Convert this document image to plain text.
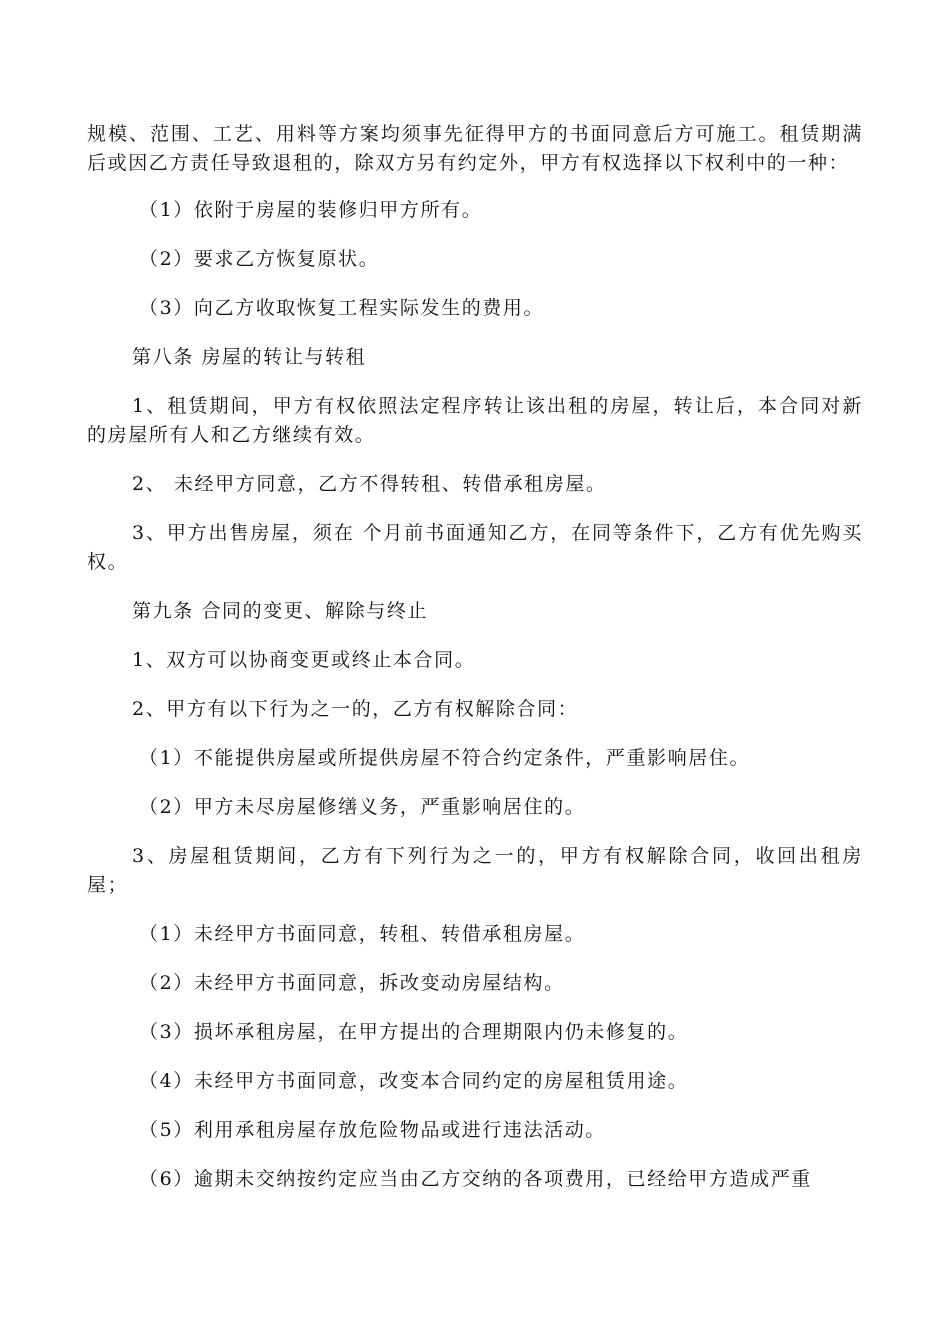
规模、范围、工艺、用料等方案均须事先征得甲方的书面同意后方可施工。租赁期满后或因乙方责任导致退租的，除双方另有约定外，甲方有权选择以下权利中的一种：

（1）依附于房屋的装修归甲方所有。

（2）要求乙方恢复原状。

（3）向乙方收取恢复工程实际发生的费用。

第八条 房屋的转让与转租

1、租赁期间，甲方有权依照法定程序转让该出租的房屋，转让后，本合同对新的房屋所有人和乙方继续有效。

2、 未经甲方同意，乙方不得转租、转借承租房屋。

3、甲方出售房屋，须在 个月前书面通知乙方，在同等条件下，乙方有优先购买权。

第九条 合同的变更、解除与终止

1、双方可以协商变更或终止本合同。

2、甲方有以下行为之一的，乙方有权解除合同：

（1）不能提供房屋或所提供房屋不符合约定条件，严重影响居住。

（2）甲方未尽房屋修缮义务，严重影响居住的。

3、房屋租赁期间，乙方有下列行为之一的，甲方有权解除合同，收回出租房屋；

（1）未经甲方书面同意，转租、转借承租房屋。

（2）未经甲方书面同意，拆改变动房屋结构。

（3）损坏承租房屋，在甲方提出的合理期限内仍未修复的。

（4）未经甲方书面同意，改变本合同约定的房屋租赁用途。

（5）利用承租房屋存放危险物品或进行违法活动。

（6）逾期未交纳按约定应当由乙方交纳的各项费用，已经给甲方造成严重
